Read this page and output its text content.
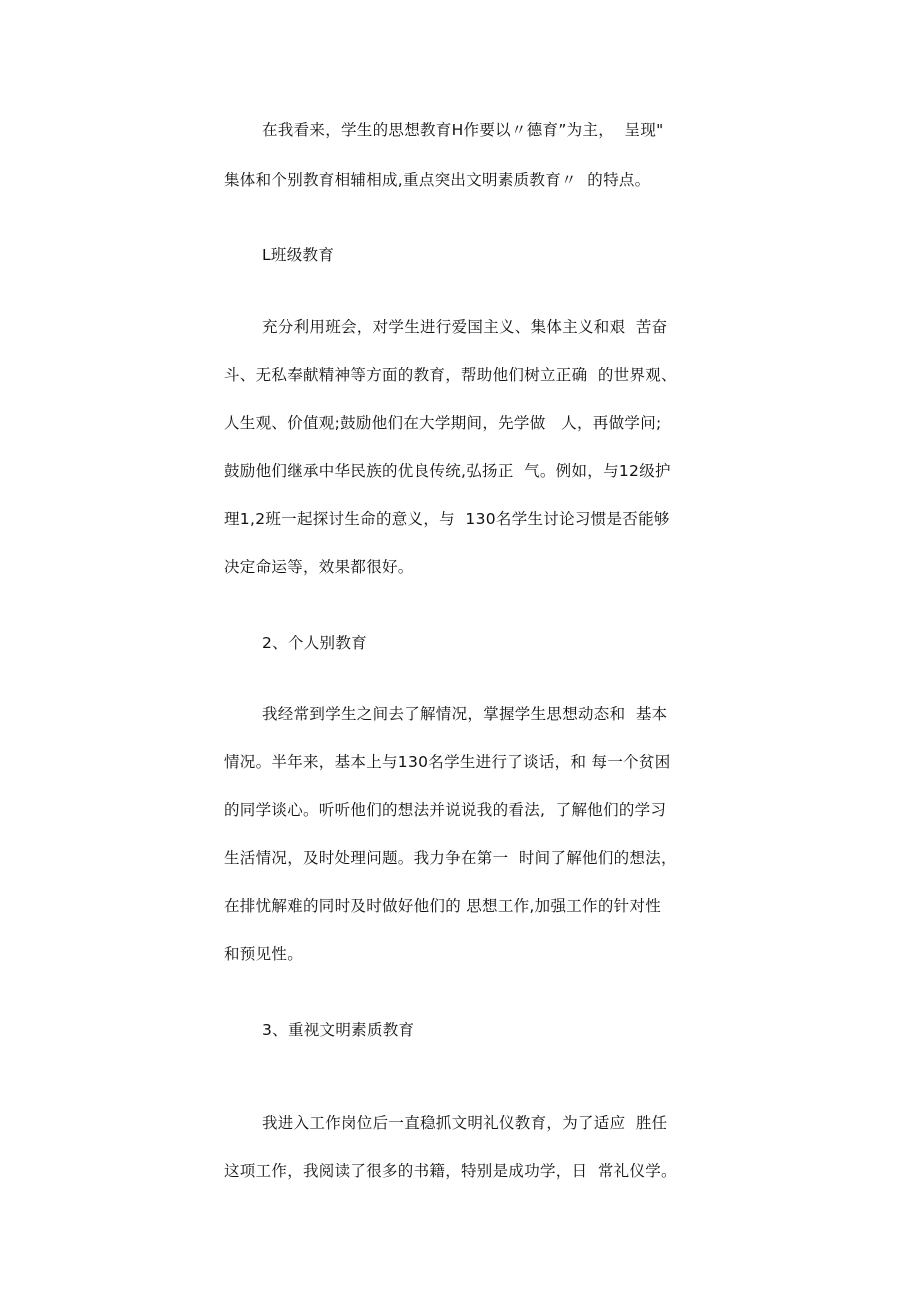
在我看来，学生的思想教育H作要以〃德育”为主，  呈现"
集体和个别教育相辅相成,重点突出文明素质教育〃  的特点。
L班级教育
充分利用班会，对学生进行爱国主义、集体主义和艰  苦奋
斗、无私奉献精神等方面的教育，帮助他们树立正确  的世界观、
人生观、价值观;鼓励他们在大学期间，先学做   人，再做学问;
鼓励他们继承中华民族的优良传统,弘扬正  气。例如，与12级护
理1,2班一起探讨生命的意义，与  130名学生讨论习惯是否能够
决定命运等，效果都很好。
2、个人别教育
我经常到学生之间去了解情况，掌握学生思想动态和  基本
情况。半年来，基本上与130名学生进行了谈话，和 每一个贫困
的同学谈心。听听他们的想法并说说我的看法,  了解他们的学习
生活情况，及时处理问题。我力争在第一  时间了解他们的想法，
在排忧解难的同时及时做好他们的 思想工作,加强工作的针对性
和预见性。
3、重视文明素质教育
我进入工作岗位后一直稳抓文明礼仪教育，为了适应  胜任
这项工作，我阅读了很多的书籍，特别是成功学，日  常礼仪学。
